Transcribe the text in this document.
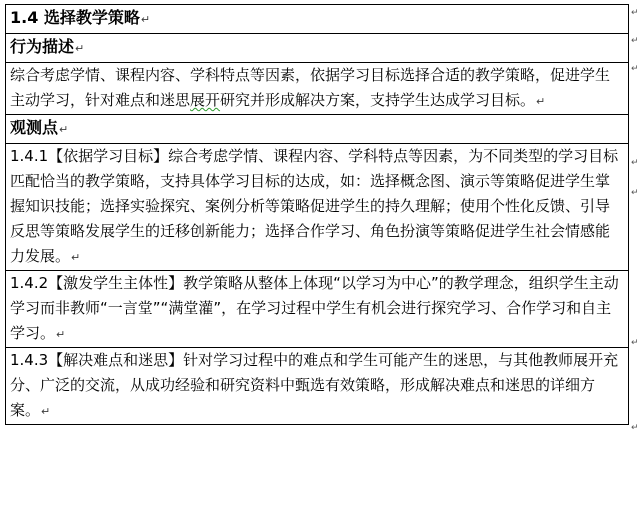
1.4 选择教学策略↵
行为描述↵
综合考虑学情、课程内容、学科特点等因素，依据学习目标选择合适的教学策略，促进学生主动学习，针对难点和迷思展开研究并形成解决方案，支持学生达成学习目标。↵
观测点↵
1.4.1【依据学习目标】综合考虑学情、课程内容、学科特点等因素，为不同类型的学习目标匹配恰当的教学策略，支持具体学习目标的达成，如：选择概念图、演示等策略促进学生掌握知识技能；选择实验探究、案例分析等策略促进学生的持久理解；使用个性化反馈、引导反思等策略发展学生的迁移创新能力；选择合作学习、角色扮演等策略促进学生社会情感能力发展。↵
1.4.2【激发学生主体性】教学策略从整体上体现“以学习为中心”的教学理念，组织学生主动学习而非教师“一言堂”“满堂灌”，在学习过程中学生有机会进行探究学习、合作学习和自主学习。↵
1.4.3【解决难点和迷思】针对学习过程中的难点和学生可能产生的迷思，与其他教师展开充分、广泛的交流，从成功经验和研究资料中甄选有效策略，形成解决难点和迷思的详细方案。↵
↵
↵
↵
↵
↵
↵
↵
